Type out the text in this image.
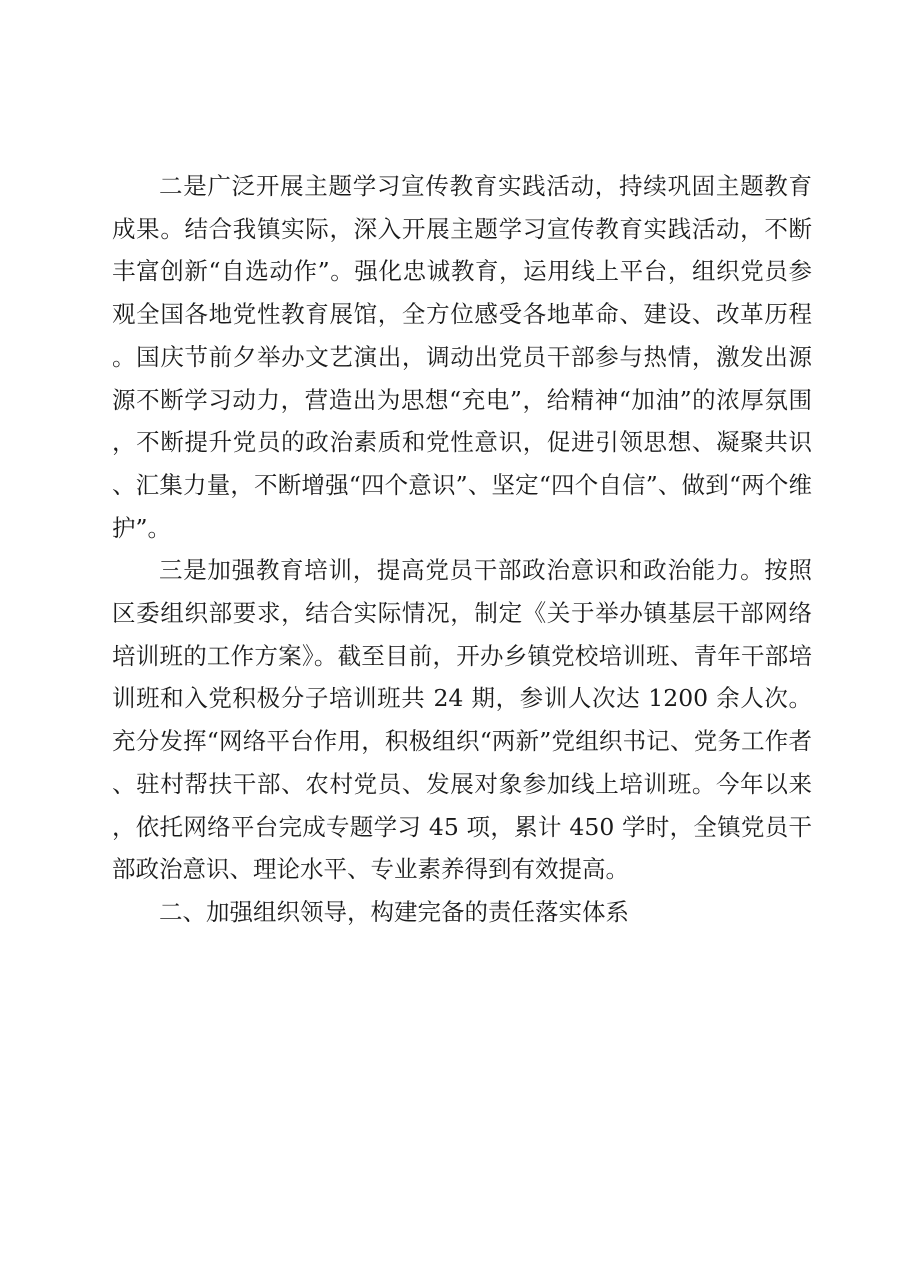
二是广泛开展主题学习宣传教育实践活动，持续巩固主题教育成果。结合我镇实际，深入开展主题学习宣传教育实践活动，不断丰富创新“自选动作”。强化忠诚教育，运用线上平台，组织党员参观全国各地党性教育展馆，全方位感受各地革命、建设、改革历程。国庆节前夕举办文艺演出，调动出党员干部参与热情，激发出源源不断学习动力，营造出为思想“充电”，给精神“加油”的浓厚氛围，不断提升党员的政治素质和党性意识，促进引领思想、凝聚共识、汇集力量，不断增强“四个意识”、坚定“四个自信”、做到“两个维护”。

三是加强教育培训，提高党员干部政治意识和政治能力。按照区委组织部要求，结合实际情况，制定《关于举办镇基层干部网络培训班的工作方案》。截至目前，开办乡镇党校培训班、青年干部培训班和入党积极分子培训班共 24 期，参训人次达 1200 余人次。充分发挥“网络平台作用，积极组织“两新”党组织书记、党务工作者、驻村帮扶干部、农村党员、发展对象参加线上培训班。今年以来，依托网络平台完成专题学习 45 项，累计 450 学时，全镇党员干部政治意识、理论水平、专业素养得到有效提高。

二、加强组织领导，构建完备的责任落实体系
